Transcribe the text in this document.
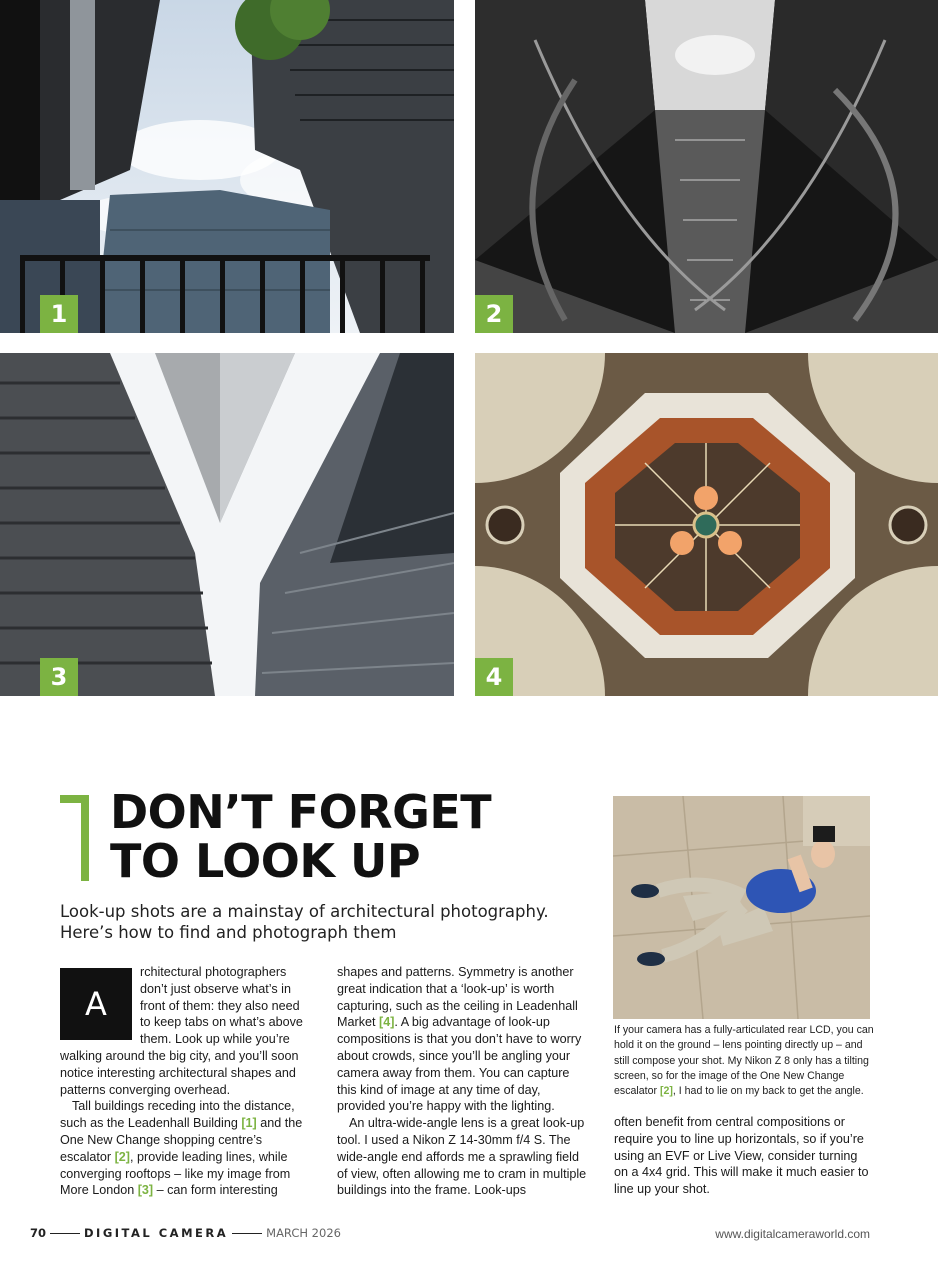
1	2
3	4
DON’T FORGET
TO LOOK UP
Look-up shots are a mainstay of architectural photography. Here’s how to find and photograph them

A
rchitectural photographers don’t just observe what’s in front of them: they also need to keep tabs on what’s above them. Look up while you’re walking around the big city, and you’ll soon notice interesting architectural shapes and patterns converging overhead.

Tall buildings receding into the distance, such as the Leadenhall Building [1] and the One New Change shopping centre’s escalator [2], provide leading lines, while converging rooftops – like my image from More London [3] – can form interesting

shapes and patterns. Symmetry is another great indication that a ‘look-up’ is worth capturing, such as the ceiling in Leadenhall Market [4]. A big advantage of look-up compositions is that you don’t have to worry about crowds, since you’ll be angling your camera away from them. You can capture this kind of image at any time of day, provided you’re happy with the lighting.

An ultra-wide-angle lens is a great look-up tool. I used a Nikon Z 14-30mm f/4 S. The wide-angle end affords me a sprawling field of view, often allowing me to cram in multiple buildings into the frame. Look-ups

If your camera has a fully-articulated rear LCD, you can hold it on the ground – lens pointing directly up – and still compose your shot. My Nikon Z 8 only has a tilting screen, so for the image of the One New Change escalator [2], I had to lie on my back to get the angle.

often benefit from central compositions or require you to line up horizontals, so if you’re using an EVF or Live View, consider turning on a 4x4 grid. This will make it much easier to line up your shot.

70	DIGITAL CAMERA	MARCH 2026	www.digitalcameraworld.com
